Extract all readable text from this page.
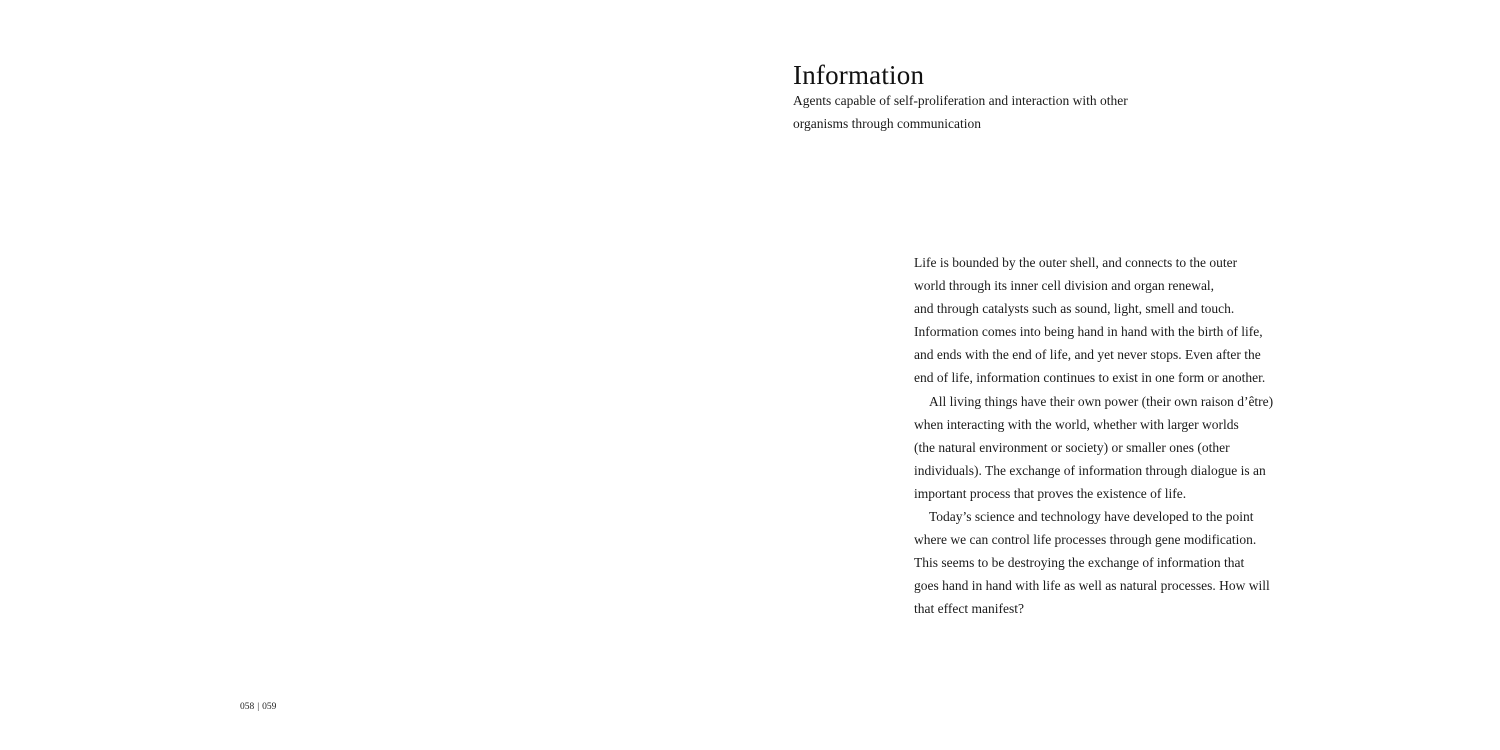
Information

Agents capable of self-proliferation and interaction with other
organisms through communication

Life is bounded by the outer shell, and connects to the outer
world through its inner cell division and organ renewal,
and through catalysts such as sound, light, smell and touch.
Information comes into being hand in hand with the birth of life,
and ends with the end of life, and yet never stops. Even after the
end of life, information continues to exist in one form or another.
All living things have their own power (their own raison d’être)
when interacting with the world, whether with larger worlds
(the natural environment or society) or smaller ones (other
individuals). The exchange of information through dialogue is an
important process that proves the existence of life.
Today’s science and technology have developed to the point
where we can control life processes through gene modification.
This seems to be destroying the exchange of information that
goes hand in hand with life as well as natural processes. How will
that effect manifest?
058 | 059
